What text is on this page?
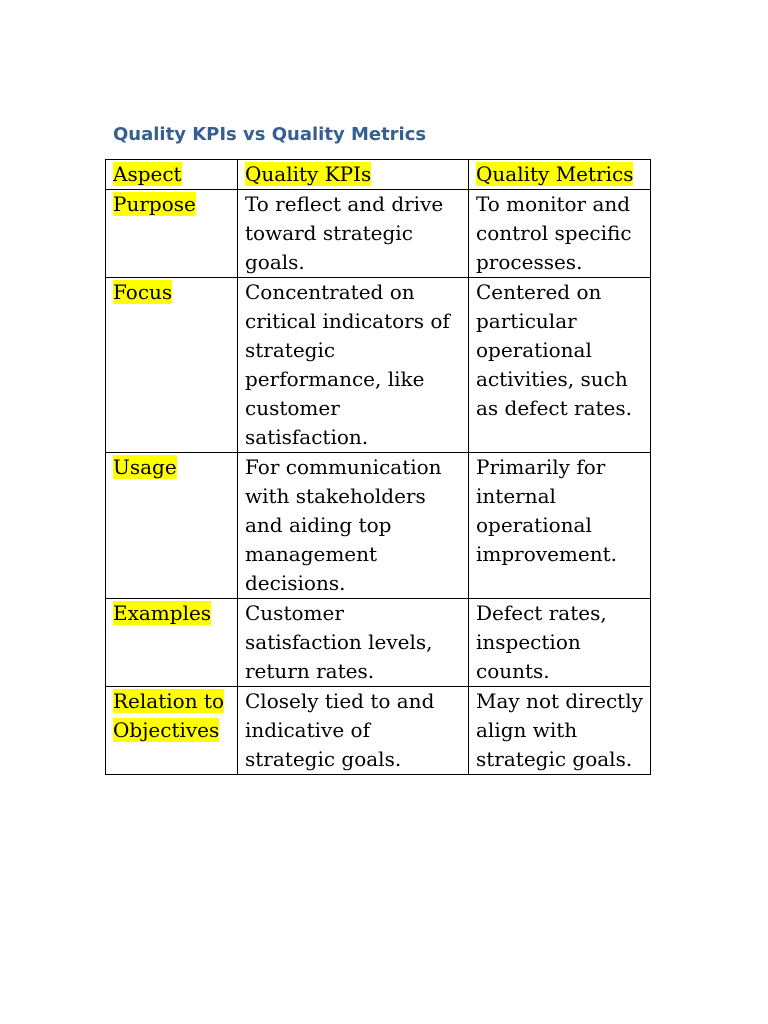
Quality KPIs vs Quality Metrics
Aspect	Quality KPIs	Quality Metrics
Purpose	To reflect and drive toward strategic goals.	To monitor and control specific processes.
Focus	Concentrated on critical indicators of strategic performance, like customer satisfaction.	Centered on particular operational activities, such as defect rates.
Usage	For communication with stakeholders and aiding top management decisions.	Primarily for internal operational improvement.
Examples	Customer satisfaction levels, return rates.	Defect rates, inspection counts.
Relation to Objectives	Closely tied to and indicative of strategic goals.	May not directly align with strategic goals.
